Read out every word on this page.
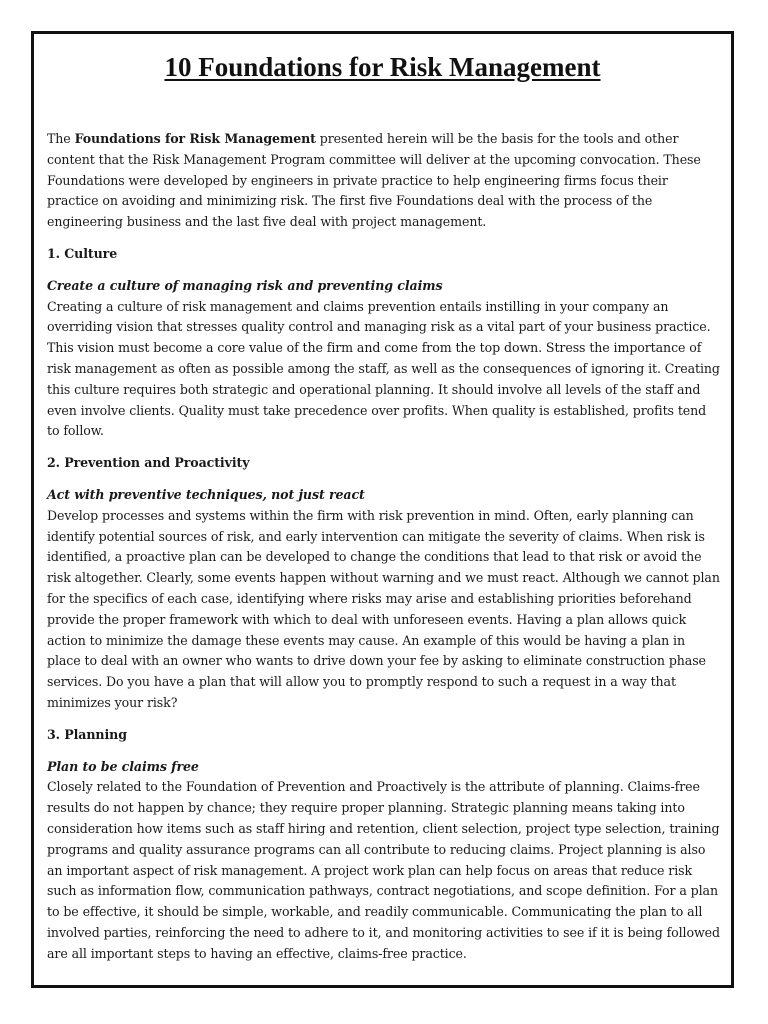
10 Foundations for Risk Management

The Foundations for Risk Management presented herein will be the basis for the tools and other content that the Risk Management Program committee will deliver at the upcoming convocation. These Foundations were developed by engineers in private practice to help engineering firms focus their practice on avoiding and minimizing risk. The first five Foundations deal with the process of the engineering business and the last five deal with project management.

1. Culture

Create a culture of managing risk and preventing claims

Creating a culture of risk management and claims prevention entails instilling in your company an overriding vision that stresses quality control and managing risk as a vital part of your business practice. This vision must become a core value of the firm and come from the top down. Stress the importance of risk management as often as possible among the staff, as well as the consequences of ignoring it. Creating this culture requires both strategic and operational planning. It should involve all levels of the staff and even involve clients. Quality must take precedence over profits. When quality is established, profits tend to follow.

2. Prevention and Proactivity

Act with preventive techniques, not just react

Develop processes and systems within the firm with risk prevention in mind. Often, early planning can identify potential sources of risk, and early intervention can mitigate the severity of claims. When risk is identified, a proactive plan can be developed to change the conditions that lead to that risk or avoid the risk altogether. Clearly, some events happen without warning and we must react. Although we cannot plan for the specifics of each case, identifying where risks may arise and establishing priorities beforehand provide the proper framework with which to deal with unforeseen events. Having a plan allows quick action to minimize the damage these events may cause. An example of this would be having a plan in place to deal with an owner who wants to drive down your fee by asking to eliminate construction phase services. Do you have a plan that will allow you to promptly respond to such a request in a way that minimizes your risk?

3. Planning

Plan to be claims free

Closely related to the Foundation of Prevention and Proactively is the attribute of planning. Claims-free results do not happen by chance; they require proper planning. Strategic planning means taking into consideration how items such as staff hiring and retention, client selection, project type selection, training programs and quality assurance programs can all contribute to reducing claims. Project planning is also an important aspect of risk management. A project work plan can help focus on areas that reduce risk such as information flow, communication pathways, contract negotiations, and scope definition. For a plan to be effective, it should be simple, workable, and readily communicable. Communicating the plan to all involved parties, reinforcing the need to adhere to it, and monitoring activities to see if it is being followed are all important steps to having an effective, claims-free practice.
